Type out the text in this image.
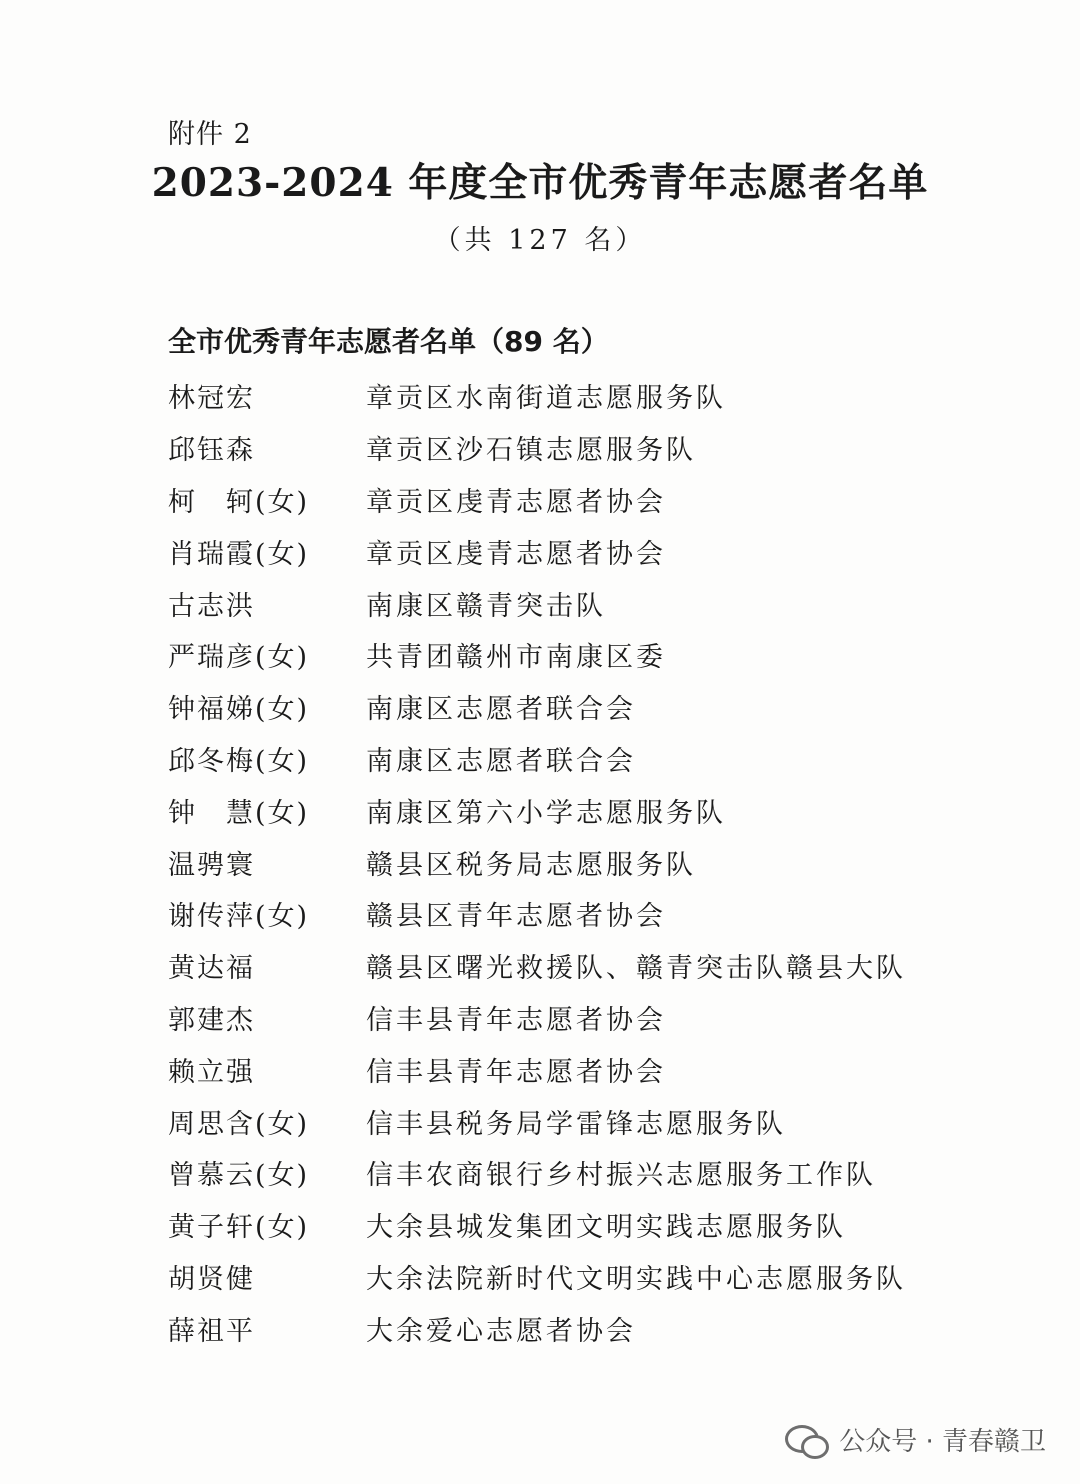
附件 2
2023-2024 年度全市优秀青年志愿者名单
（共 127 名）
全市优秀青年志愿者名单（89 名）
林冠宏	章贡区水南街道志愿服务队
邱钰森	章贡区沙石镇志愿服务队
柯　轲(女)	章贡区虔青志愿者协会
肖瑞霞(女)	章贡区虔青志愿者协会
古志洪	南康区赣青突击队
严瑞彦(女)	共青团赣州市南康区委
钟福娣(女)	南康区志愿者联合会
邱冬梅(女)	南康区志愿者联合会
钟　慧(女)	南康区第六小学志愿服务队
温骋寰	赣县区税务局志愿服务队
谢传萍(女)	赣县区青年志愿者协会
黄达福	赣县区曙光救援队、赣青突击队赣县大队
郭建杰	信丰县青年志愿者协会
赖立强	信丰县青年志愿者协会
周思含(女)	信丰县税务局学雷锋志愿服务队
曾慕云(女)	信丰农商银行乡村振兴志愿服务工作队
黄子轩(女)	大余县城发集团文明实践志愿服务队
胡贤健	大余法院新时代文明实践中心志愿服务队
薛祖平	大余爱心志愿者协会
公众号 · 青春赣卫
